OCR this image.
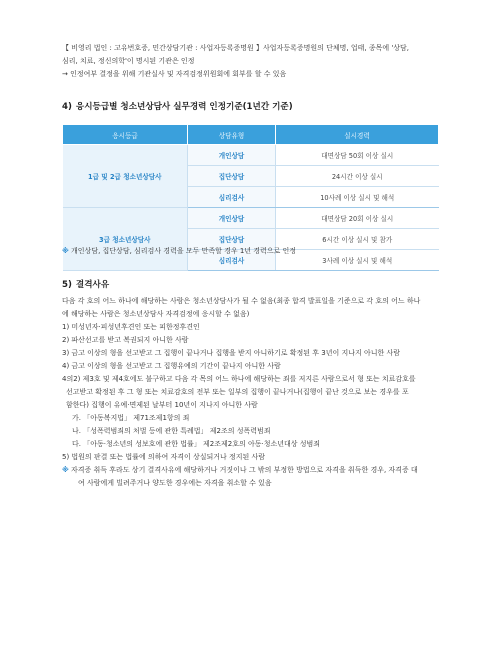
【 비영리 법인 : 고유번호증, 민간상담기관 : 사업자등록증명원 】사업자등록증명원의 단체명, 업태, 종목에 '상담,
심리, 치료, 정신의학'이 명시된 기관은 인정
→ 인정여부 결정을 위해 기관실사 및 자격검정위원회에 회부를 할 수 있음
4) 응시등급별 청소년상담사 실무경력 인정기준(1년간 기준)
응시등급	상담유형	실시경력
1급 및 2급 청소년상담사	개인상담	대면상담 50회 이상 실시
	집단상담	24시간 이상 실시
	심리검사	10사례 이상 실시 및 해석
3급 청소년상담사	개인상담	대면상담 20회 이상 실시
	집단상담	6시간 이상 실시 및 참가
	심리검사	3사례 이상 실시 및 해석
※ 개인상담, 집단상담, 심리검사 경력을 모두 만족할 경우 1년 경력으로 인정
5) 결격사유
다음 각 호의 어느 하나에 해당하는 사람은 청소년상담사가 될 수 없음(최종 합격 발표일을 기준으로 각 호의 어느 하나
에 해당하는 사람은 청소년상담사 자격검정에 응시할 수 없음)
1) 미성년자·피성년후견인 또는 피한정후견인
2) 파산선고를 받고 복권되지 아니한 사람
3) 금고 이상의 형을 선고받고 그 집행이 끝나거나 집행을 받지 아니하기로 확정된 후 3년이 지나지 아니한 사람
4) 금고 이상의 형을 선고받고 그 집행유예의 기간이 끝나지 아니한 사람
4의2) 제3호 및 제4호에도 불구하고 다음 각 목의 어느 하나에 해당하는 죄를 저지른 사람으로서 형 또는 치료감호를
선고받고 확정된 후 그 형 또는 치료감호의 전부 또는 일부의 집행이 끝나거나(집행이 끝난 것으로 보는 경우를 포
함한다) 집행이 유예·면제된 날부터 10년이 지나지 아니한 사람
가. 「아동복지법」 제71조제1항의 죄
나. 「성폭력범죄의 처벌 등에 관한 특례법」 제2조의 성폭력범죄
다. 「아동·청소년의 성보호에 관한 법률」 제2조제2호의 아동·청소년대상 성범죄
5) 법원의 판결 또는 법률에 의하여 자격이 상실되거나 정지된 사람
※ 자격증 취득 후라도 상기 결격사유에 해당하거나 거짓이나 그 밖의 부정한 방법으로 자격을 취득한 경우, 자격증 대
여 사람에게 빌려주거나 양도한 경우에는 자격을 취소할 수 있음
